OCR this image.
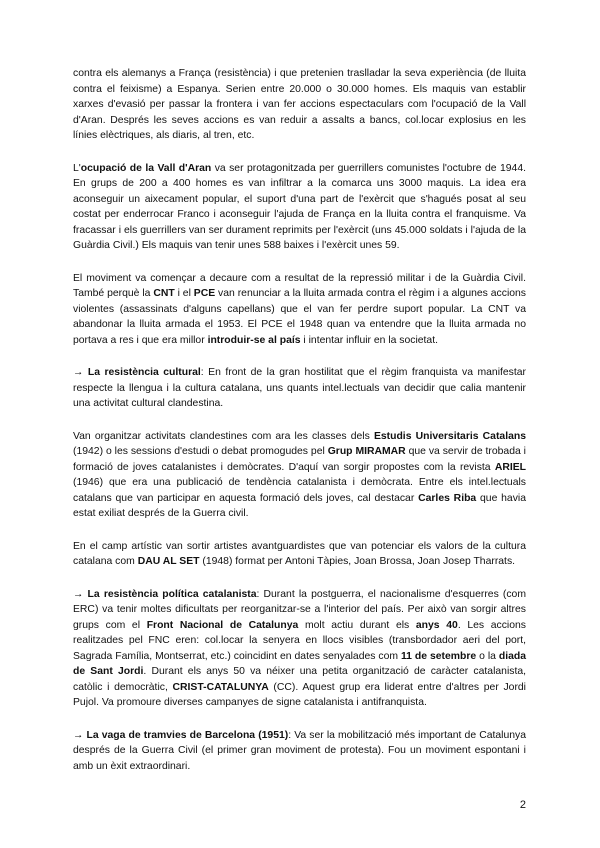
contra els alemanys a França (resistència) i que pretenien traslladar la seva experiència (de lluita contra el feixisme) a Espanya. Serien entre 20.000 o 30.000 homes. Els maquis van establir xarxes d'evasió per passar la frontera i van fer accions espectaculars com l'ocupació de la Vall d'Aran. Després les seves accions es van reduir a assalts a bancs, col.locar explosius en les línies elèctriques, als diaris, al tren, etc.

L'ocupació de la Vall d'Aran va ser protagonitzada per guerrillers comunistes l'octubre de 1944. En grups de 200 a 400 homes es van infiltrar a la comarca uns 3000 maquis. La idea era aconseguir un aixecament popular, el suport d'una part de l'exèrcit que s'hagués posat al seu costat per enderrocar Franco i aconseguir l'ajuda de França en la lluita contra el franquisme. Va fracassar i els guerrillers van ser durament reprimits per l'exèrcit (uns 45.000 soldats i l'ajuda de la Guàrdia Civil.) Els maquis van tenir unes 588 baixes i l'exèrcit unes 59.

El moviment va començar a decaure com a resultat de la repressió militar i de la Guàrdia Civil. També perquè la CNT i el PCE van renunciar a la lluita armada contra el règim i a algunes accions violentes (assassinats d'alguns capellans) que el van fer perdre suport popular. La CNT va abandonar la lluita armada el 1953. El PCE el 1948 quan va entendre que la lluita armada no portava a res i que era millor introduir-se al país i intentar influir en la societat.

→ La resistència cultural: En front de la gran hostilitat que el règim franquista va manifestar respecte la llengua i la cultura catalana, uns quants intel.lectuals van decidir que calia mantenir una activitat cultural clandestina.

Van organitzar activitats clandestines com ara les classes dels Estudis Universitaris Catalans (1942) o les sessions d'estudi o debat promogudes pel Grup MIRAMAR que va servir de trobada i formació de joves catalanistes i demòcrates. D'aquí van sorgir propostes com la revista ARIEL (1946) que era una publicació de tendència catalanista i demòcrata. Entre els intel.lectuals catalans que van participar en aquesta formació dels joves, cal destacar Carles Riba que havia estat exiliat després de la Guerra civil.

En el camp artístic van sortir artistes avantguardistes que van potenciar els valors de la cultura catalana com DAU AL SET (1948) format per Antoni Tàpies, Joan Brossa, Joan Josep Tharrats.

→ La resistència política catalanista: Durant la postguerra, el nacionalisme d'esquerres (com ERC) va tenir moltes dificultats per reorganitzar-se a l'interior del país. Per això van sorgir altres grups com el Front Nacional de Catalunya molt actiu durant els anys 40. Les accions realitzades pel FNC eren: col.locar la senyera en llocs visibles (transbordador aeri del port, Sagrada Família, Montserrat, etc.) coincidint en dates senyalades com 11 de setembre o la diada de Sant Jordi. Durant els anys 50 va néixer una petita organització de caràcter catalanista, catòlic i democràtic, CRIST-CATALUNYA (CC). Aquest grup era liderat entre d'altres per Jordi Pujol. Va promoure diverses campanyes de signe catalanista i antifranquista.

→ La vaga de tramvies de Barcelona (1951): Va ser la mobilització més important de Catalunya després de la Guerra Civil (el primer gran moviment de protesta). Fou un moviment espontani i amb un èxit extraordinari.

2
